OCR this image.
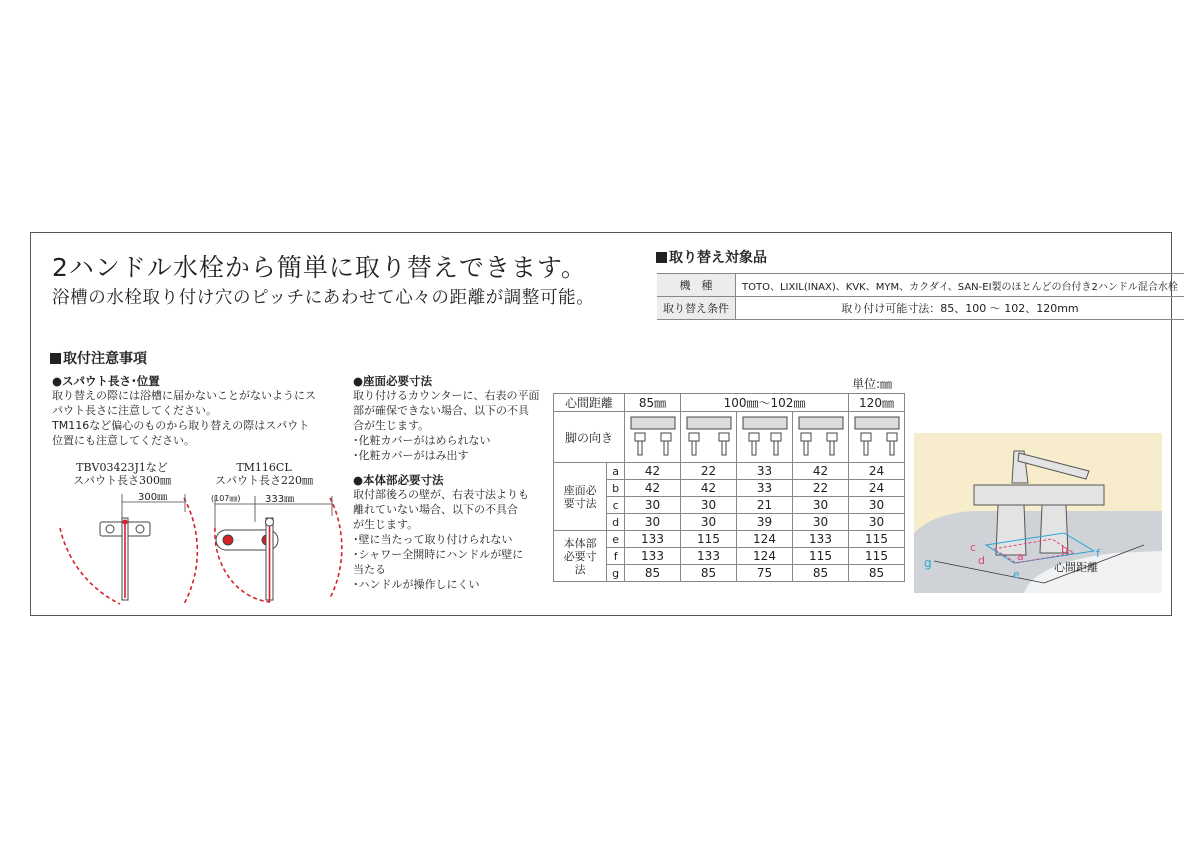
2ハンドル水栓から簡単に取り替えできます。
浴槽の水栓取り付け穴のピッチにあわせて心々の距離が調整可能。
取り替え対象品
機　種	TOTO、LIXIL(INAX)、KVK、MYM、カクダイ、SAN-EI製のほとんどの台付き2ハンドル混合水栓
取り替え条件	取り付け可能寸法：85、100 ～ 102、120mm
取付注意事項
●スパウト長さ･位置
取り替えの際には浴槽に届かないことがないようにス
パウト長さに注意してください。
TM116など偏心のものから取り替えの際はスパウト
位置にも注意してください。
●座面必要寸法
取り付けるカウンターに、右表の平面
部が確保できない場合、以下の不具
合が生じます。
･化粧カバーがはめられない
･化粧カバーがはみ出す
●本体部必要寸法
取付部後ろの壁が、右表寸法よりも
離れていない場合、以下の不具合
が生じます。
･壁に当たって取り付けられない
･シャワー全開時にハンドルが壁に
当たる
･ハンドルが操作しにくい
TBV03423J1など
スパウト長さ300㎜
TM116CL
スパウト長さ220㎜
300㎜	(107㎜) 333㎜
単位:㎜
心間距離		85㎜	100㎜～102㎜			120㎜
脚の向き	

座面必要寸法	a	42	22	33	42	24
	b	42	42	33	22	24
	c	30	30	21	30	30
	d	30	30	39	30	30

本体部必要寸法	e	133	115	124	133	115
	f	133	133	124	115	115
	g	85	85	75	85	85
g
c
d	a
e
b	f
心間距離
